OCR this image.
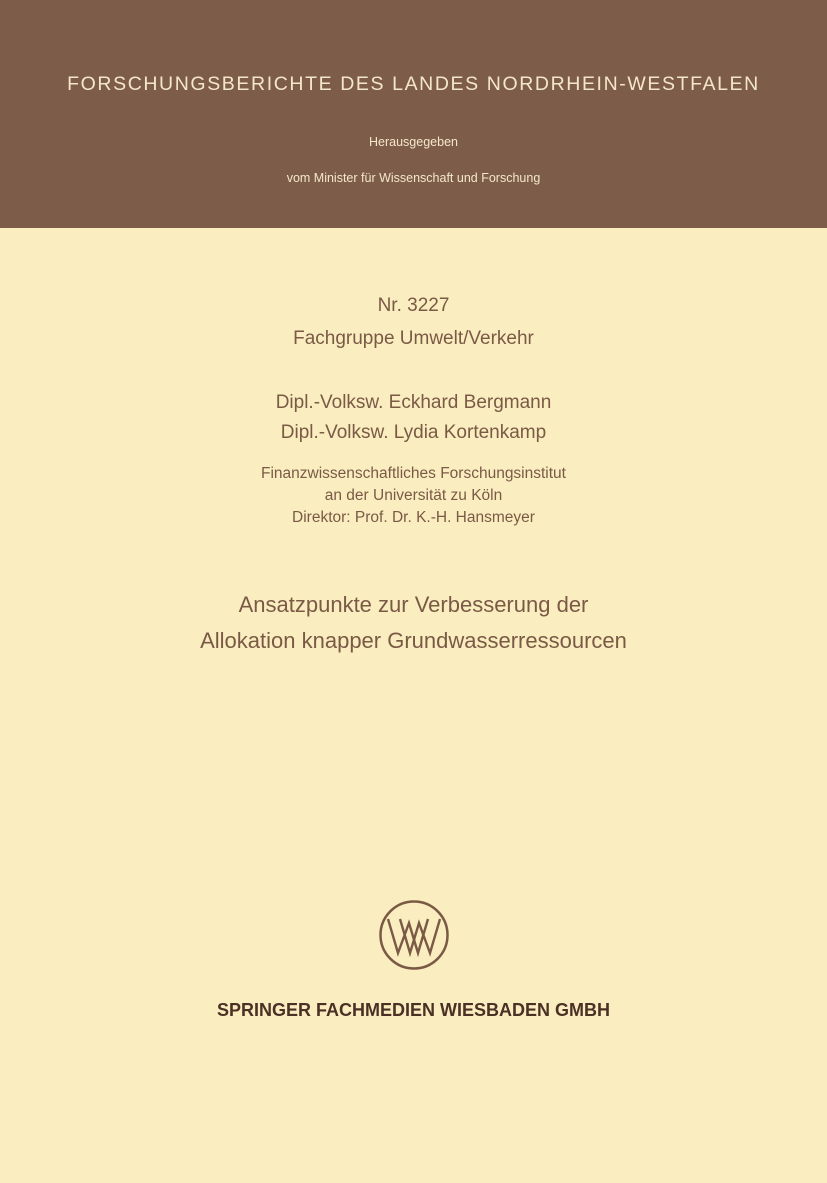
FORSCHUNGSBERICHTE DES LANDES NORDRHEIN-WESTFALEN
Herausgegeben
vom Minister für Wissenschaft und Forschung
Nr. 3227
Fachgruppe Umwelt/Verkehr
Dipl.-Volksw. Eckhard Bergmann
Dipl.-Volksw. Lydia Kortenkamp
Finanzwissenschaftliches Forschungsinstitut
an der Universität zu Köln
Direktor: Prof. Dr. K.-H. Hansmeyer
Ansatzpunkte zur Verbesserung der
Allokation knapper Grundwasserressourcen
SPRINGER FACHMEDIEN WIESBADEN GMBH
